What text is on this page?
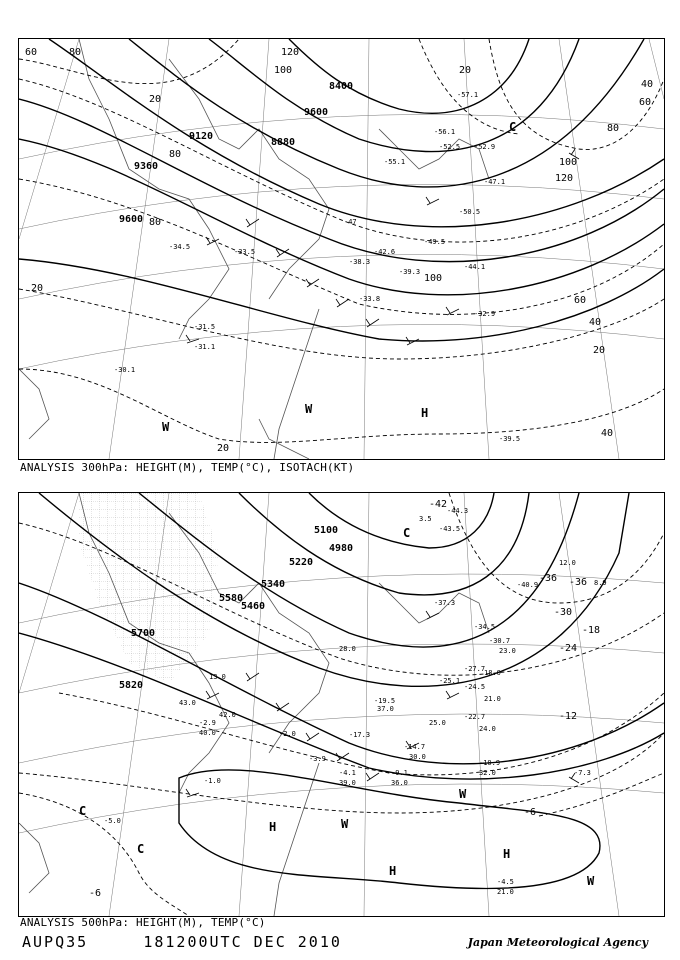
8400
8880
9120
9360
9600
9600
60	80
100
120
20
20
40
60
80
100
120
80
80
100
60
40
20
20
40
20
-56.1
-55.1
-52.9
-50.5
-47
-49.5
-42.6
-44.1
-39.3
-38.3
-33.8
-33.5
-34.5
-32.9
-31.5
-31.1
-30.1
-39.5
-47.1
-52.5
-57.1
W
W	H
C
ANALYSIS 300hPa: HEIGHT(M), TEMP(°C), ISOTACH(KT)
4980
5100
5220
5340
5460
5580
5700
5820
-42
-36
-30
-24
-18
-12
-6
-6
-36
-44.3
-43.5
-40.9
-37.3
-34.5
-30.7
-27.7
-25.1
-24.5
-22.7
-19.5
-17.3
-14.7
-10.9
-9.1	-7.3
-4.1
-3.9
-2.9
-2.0
-1.0
-4.5
-5.0
3.5
12.0
13.0	18.0
21.0
23.0
24.0
25.0
28.0
30.0
32.0
36.0
37.0
39.0
40.0
42.0
43.0
21.0
8.9
C
C
C
H
H
H
W
W
W
ANALYSIS 500hPa: HEIGHT(M), TEMP(°C)
AUPQ35	181200UTC DEC 2010	Japan Meteorological Agency
